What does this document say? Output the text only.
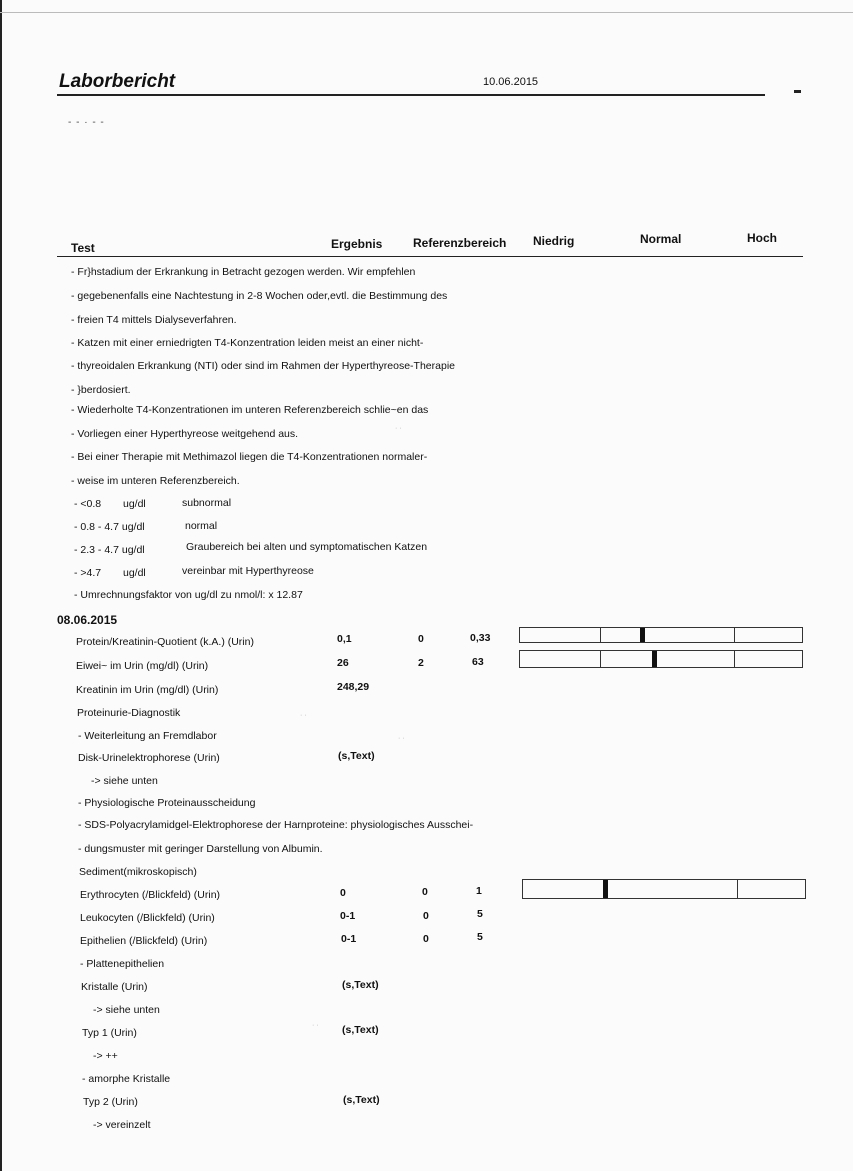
Laborbericht	10.06.2015
- - · - -
Test	Ergebnis	Referenzbereich Niedrig	Normal	Hoch
- Fr}hstadium der Erkrankung in Betracht gezogen werden. Wir empfehlen
- gegebenenfalls eine Nachtestung in 2-8 Wochen oder,evtl. die Bestimmung des
- freien T4 mittels Dialyseverfahren.
- Katzen mit einer erniedrigten T4-Konzentration leiden meist an einer nicht-
- thyreoidalen Erkrankung (NTI) oder sind im Rahmen der Hyperthyreose-Therapie
- }berdosiert.
- Wiederholte T4-Konzentrationen im unteren Referenzbereich schlie~en das
- Vorliegen einer Hyperthyreose weitgehend aus.
- Bei einer Therapie mit Methimazol liegen die T4-Konzentrationen normaler-
- weise im unteren Referenzbereich.
- <0.8 ug/dl	subnormal
- 0.8 - 4.7 ug/dl	normal
- 2.3 - 4.7 ug/dl	Graubereich bei alten und symptomatischen Katzen
- >4.7 ug/dl	vereinbar mit Hyperthyreose
- Umrechnungsfaktor von ug/dl zu nmol/l: x 12.87
08.06.2015
Protein/Kreatinin-Quotient (k.A.) (Urin)	0,1	0	0,33
Eiwei~ im Urin (mg/dl) (Urin)	26	2	63
Kreatinin im Urin (mg/dl) (Urin)	248,29
Proteinurie-Diagnostik
- Weiterleitung an Fremdlabor
Disk-Urinelektrophorese (Urin)	(s,Text)
-> siehe unten
- Physiologische Proteinausscheidung
- SDS-Polyacrylamidgel-Elektrophorese der Harnproteine: physiologisches Ausschei-
- dungsmuster mit geringer Darstellung von Albumin.
Sediment(mikroskopisch)
Erythrocyten (/Blickfeld) (Urin)	0	0	1
Leukocyten (/Blickfeld) (Urin)	0-1	0	5
Epithelien (/Blickfeld) (Urin)	0-1	0	5
- Plattenepithelien
Kristalle (Urin)	(s,Text)
-> siehe unten
Typ 1 (Urin)	(s,Text)
-> ++
- amorphe Kristalle
Typ 2 (Urin)	(s,Text)
-> vereinzelt
· ·
· ·
· ·
· ·
